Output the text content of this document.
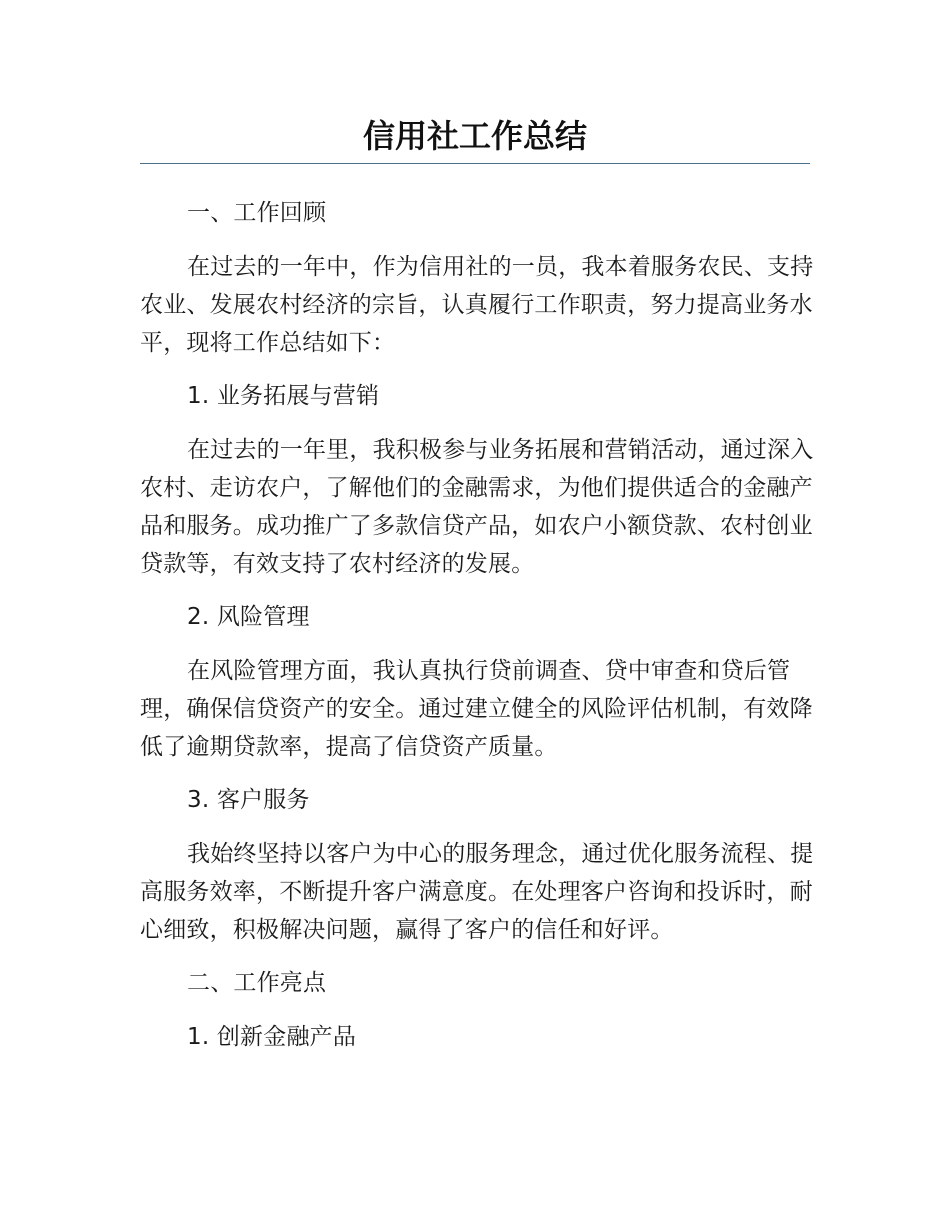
信用社工作总结

一、工作回顾

在过去的一年中，作为信用社的一员，我本着服务农民、支持农业、发展农村经济的宗旨，认真履行工作职责，努力提高业务水平，现将工作总结如下：

1. 业务拓展与营销

在过去的一年里，我积极参与业务拓展和营销活动，通过深入农村、走访农户，了解他们的金融需求，为他们提供适合的金融产品和服务。成功推广了多款信贷产品，如农户小额贷款、农村创业贷款等，有效支持了农村经济的发展。

2. 风险管理

在风险管理方面，我认真执行贷前调查、贷中审查和贷后管理，确保信贷资产的安全。通过建立健全的风险评估机制，有效降低了逾期贷款率，提高了信贷资产质量。

3. 客户服务

我始终坚持以客户为中心的服务理念，通过优化服务流程、提高服务效率，不断提升客户满意度。在处理客户咨询和投诉时，耐心细致，积极解决问题，赢得了客户的信任和好评。

二、工作亮点

1. 创新金融产品
